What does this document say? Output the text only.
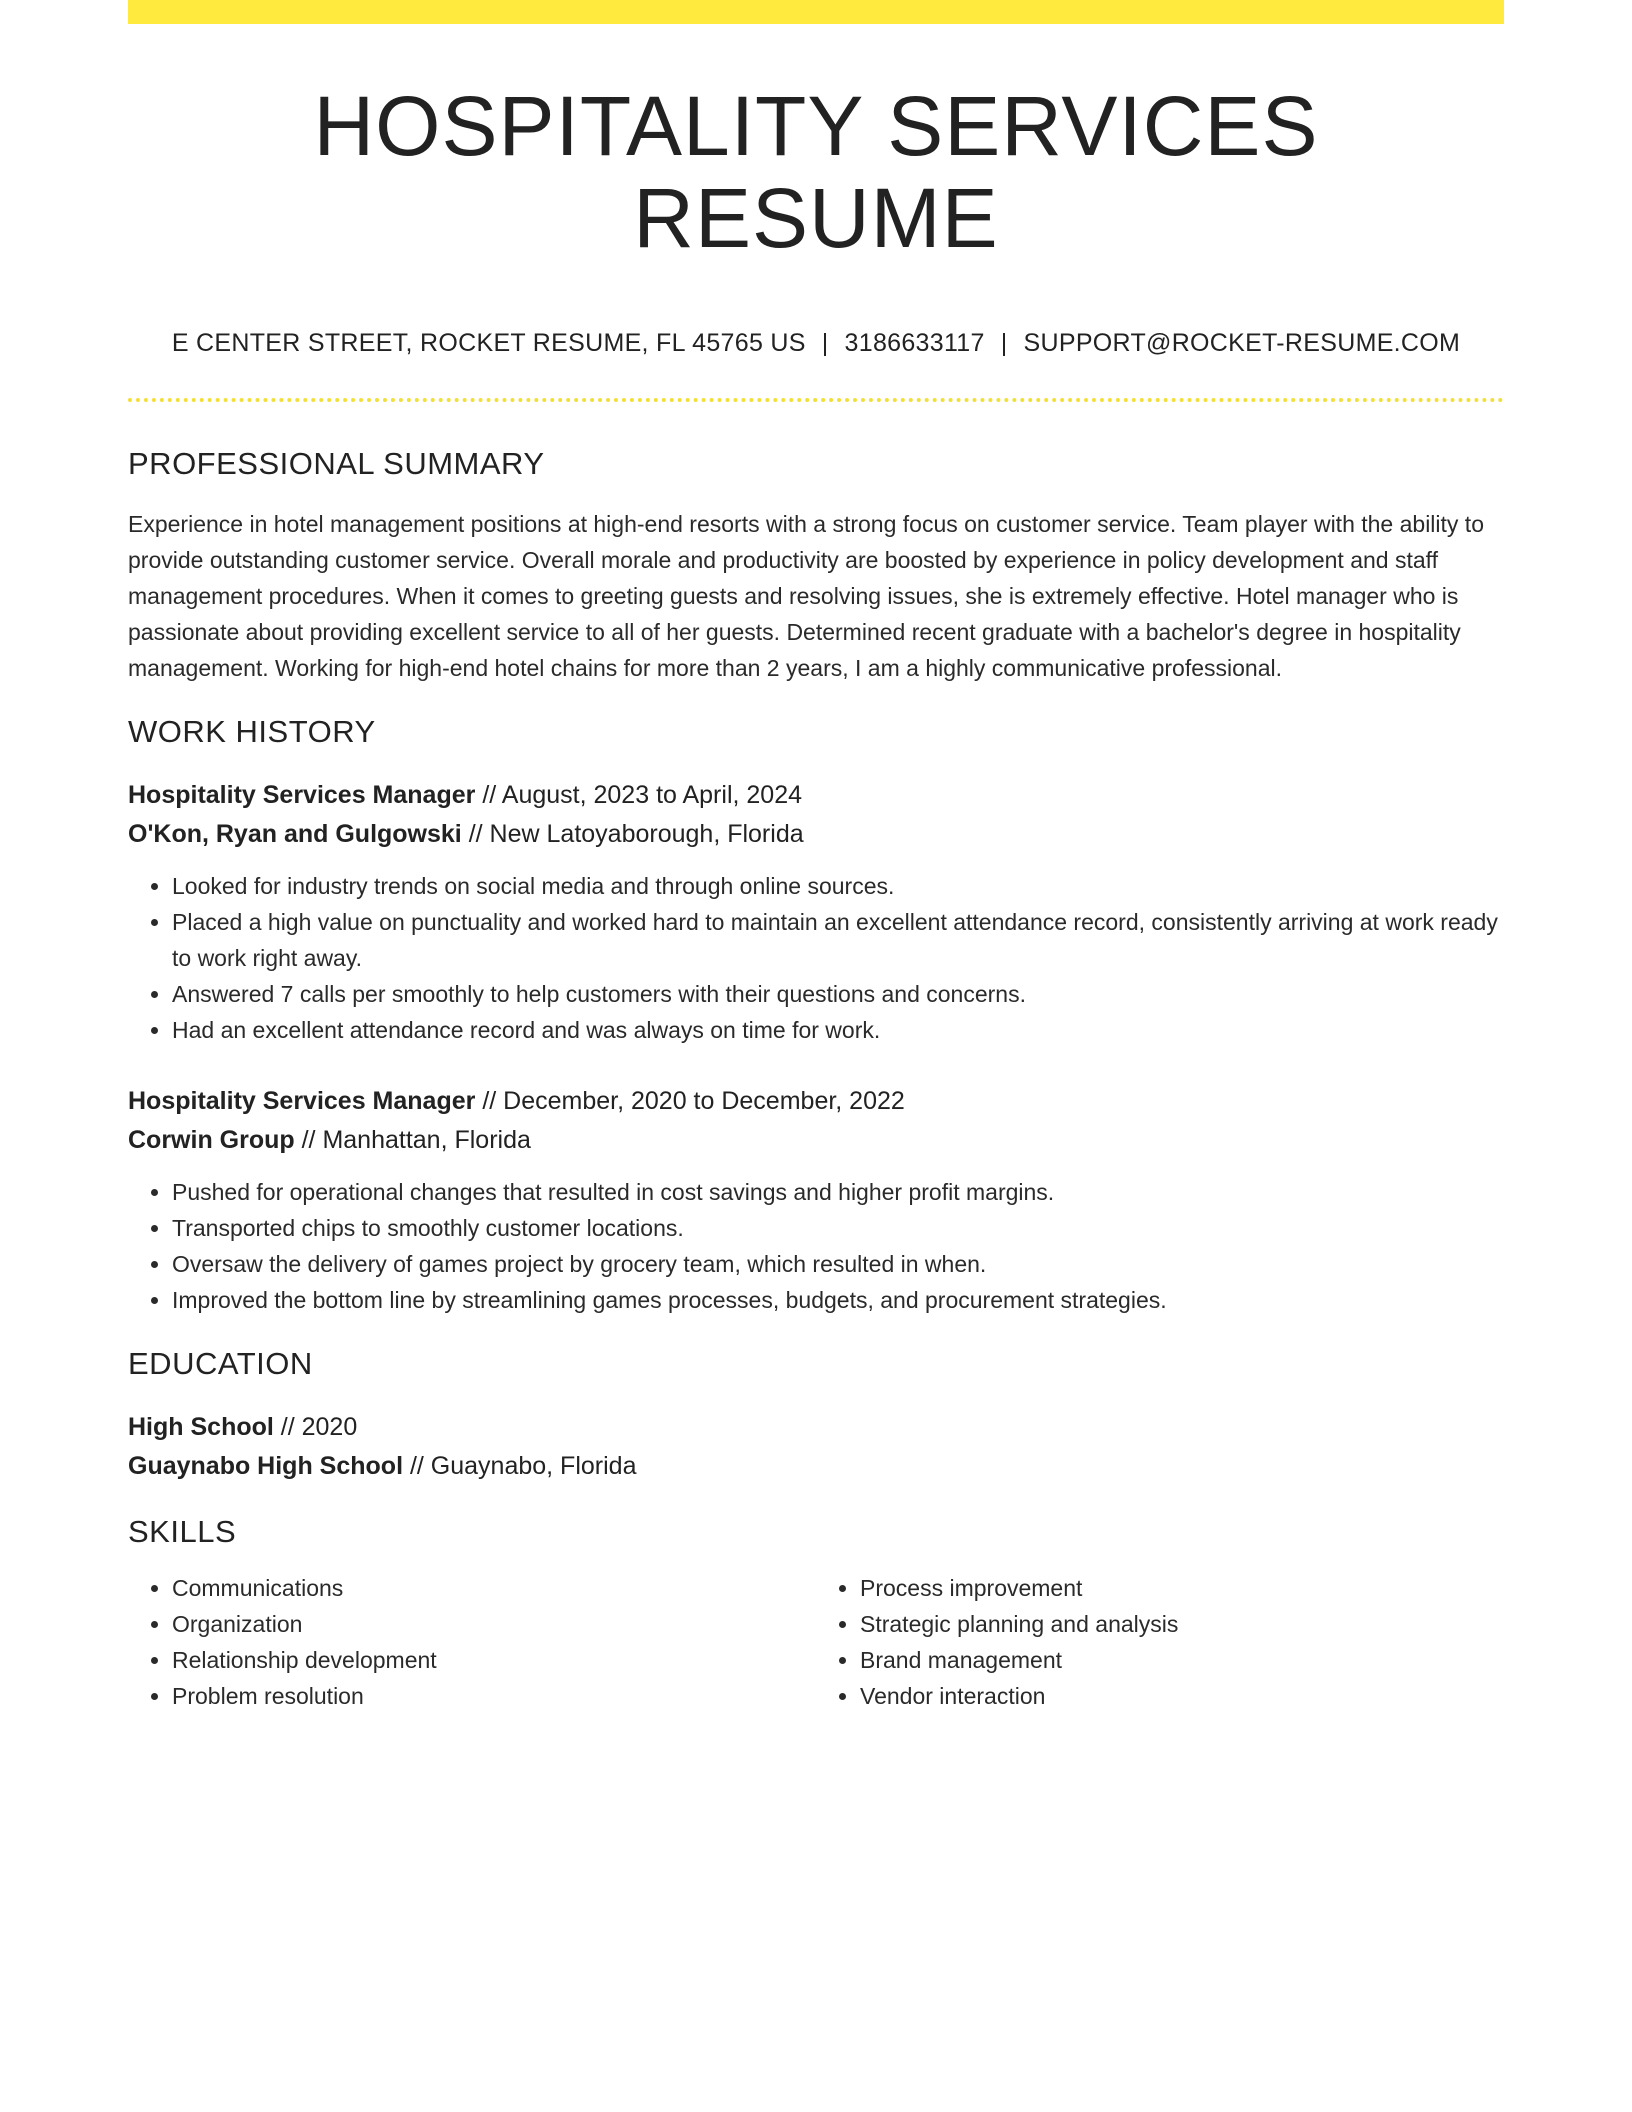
HOSPITALITY SERVICES RESUME
E CENTER STREET, ROCKET RESUME, FL 45765 US | 3186633117 | SUPPORT@ROCKET-RESUME.COM
PROFESSIONAL SUMMARY

Experience in hotel management positions at high-end resorts with a strong focus on customer service. Team player with the ability to provide outstanding customer service. Overall morale and productivity are boosted by experience in policy development and staff management procedures. When it comes to greeting guests and resolving issues, she is extremely effective. Hotel manager who is passionate about providing excellent service to all of her guests. Determined recent graduate with a bachelor's degree in hospitality management. Working for high-end hotel chains for more than 2 years, I am a highly communicative professional.

WORK HISTORY
Hospitality Services Manager // August, 2023 to April, 2024
O'Kon, Ryan and Gulgowski // New Latoyaborough, Florida
• Looked for industry trends on social media and through online sources.
• Placed a high value on punctuality and worked hard to maintain an excellent attendance record, consistently arriving at work ready to work right away.
• Answered 7 calls per smoothly to help customers with their questions and concerns.
• Had an excellent attendance record and was always on time for work.
Hospitality Services Manager // December, 2020 to December, 2022
Corwin Group // Manhattan, Florida
• Pushed for operational changes that resulted in cost savings and higher profit margins.
• Transported chips to smoothly customer locations.
• Oversaw the delivery of games project by grocery team, which resulted in when.
• Improved the bottom line by streamlining games processes, budgets, and procurement strategies.
EDUCATION
High School // 2020
Guaynabo High School // Guaynabo, Florida
SKILLS
• Communications
• Organization
• Relationship development
• Problem resolution
• Process improvement
• Strategic planning and analysis
• Brand management
• Vendor interaction
